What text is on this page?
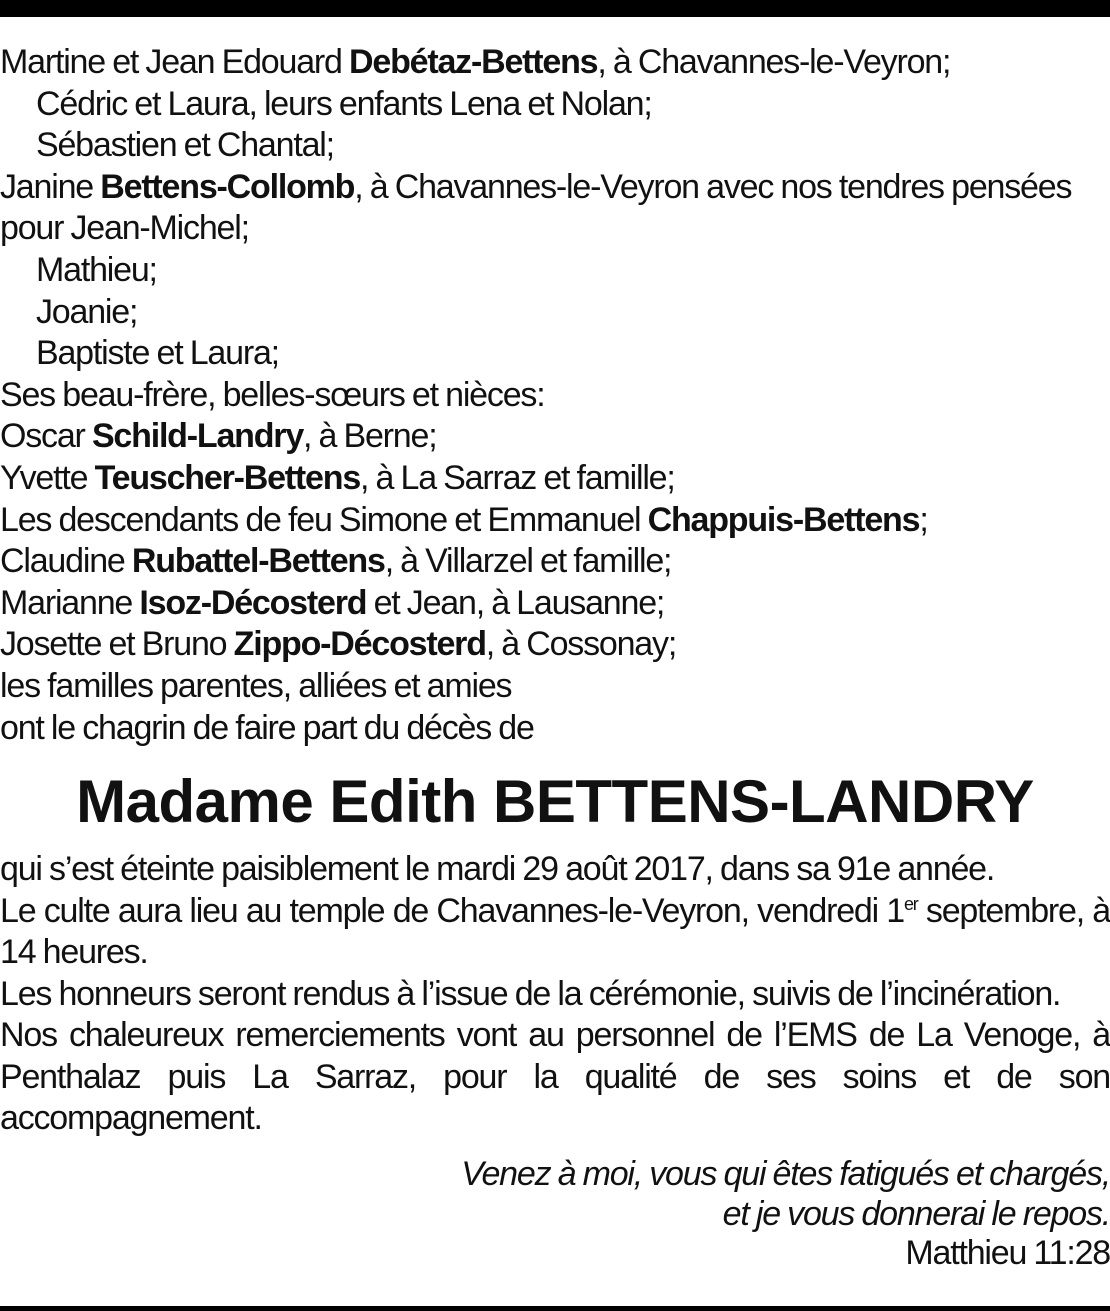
Martine et Jean Edouard Debétaz-Bettens, à Chavannes-le-Veyron;
Cédric et Laura, leurs enfants Lena et Nolan;
Sébastien et Chantal;
Janine Bettens-Collomb, à Chavannes-le-Veyron avec nos tendres pensées
pour Jean-Michel;
Mathieu;
Joanie;
Baptiste et Laura;
Ses beau-frère, belles-sœurs et nièces:
Oscar Schild-Landry, à Berne;
Yvette Teuscher-Bettens, à La Sarraz et famille;
Les descendants de feu Simone et Emmanuel Chappuis-Bettens;
Claudine Rubattel-Bettens, à Villarzel et famille;
Marianne Isoz-Décosterd et Jean, à Lausanne;
Josette et Bruno Zippo-Décosterd, à Cossonay;
les familles parentes, alliées et amies
ont le chagrin de faire part du décès de
Madame Edith BETTENS-LANDRY
qui s’est éteinte paisiblement le mardi 29 août 2017, dans sa 91e année.
Le culte aura lieu au temple de Chavannes-le-Veyron, vendredi 1er septembre, à 14 heures.
Les honneurs seront rendus à l’issue de la cérémonie, suivis de l’incinération.
Nos chaleureux remerciements vont au personnel de l’EMS de La Venoge, à Penthalaz puis La Sarraz, pour la qualité de ses soins et de son accompagnement.
Venez à moi, vous qui êtes fatigués et chargés,
et je vous donnerai le repos.
Matthieu 11:28
